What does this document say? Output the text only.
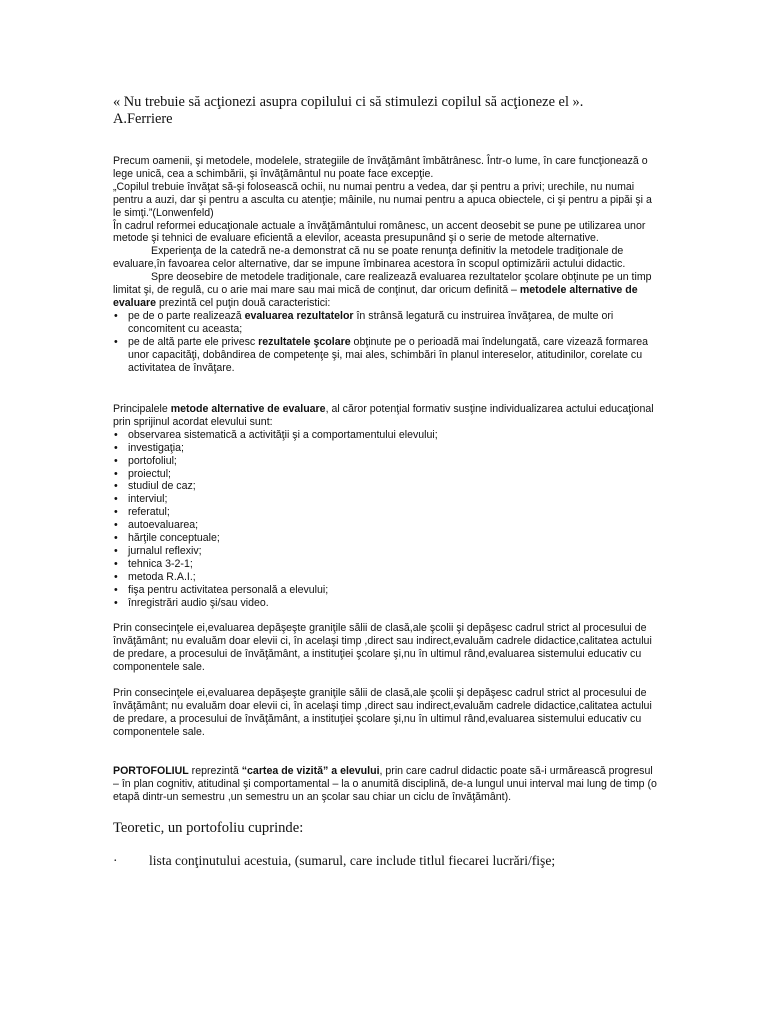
« Nu trebuie să acţionezi asupra copilului ci să stimulezi copilul să acţioneze el ».
A.Ferriere

Precum oamenii, şi metodele, modelele, strategiile de învăţământ îmbătrânesc. Într-o lume, în care funcţionează o lege unică, cea a schimbării, şi învăţământul nu poate face excepţie.

„Copilul trebuie învăţat să-şi folosească ochii, nu numai pentru a vedea, dar şi pentru a privi; urechile, nu numai pentru a auzi, dar şi pentru a asculta cu atenţie; mâinile, nu numai pentru a apuca obiectele, ci şi pentru a pipăi şi a le simţi.”(Lonwenfeld)

În cadrul reformei educaţionale actuale a învăţământului românesc, un accent deosebit se pune pe utilizarea unor metode şi tehnici de evaluare eficientă a elevilor, aceasta presupunând şi o serie de metode alternative.

Experienţa de la catedră ne-a demonstrat că nu se poate renunţa definitiv la metodele tradiţionale de evaluare,în favoarea celor alternative, dar se impune îmbinarea acestora în scopul optimizării actului didactic.

Spre deosebire de metodele tradiţionale, care realizează evaluarea rezultatelor şcolare obţinute pe un timp limitat şi, de regulă, cu o arie mai mare sau mai mică de conţinut, dar oricum definită – metodele alternative de evaluare prezintă cel puţin două caracteristici:

• pe de o parte realizează evaluarea rezultatelor în strânsă legatură cu instruirea învăţarea, de multe ori concomitent cu aceasta;
• pe de altă parte ele privesc rezultatele şcolare obţinute pe o perioadă mai îndelungată, care vizează formarea unor capacităţi, dobândirea de competenţe şi, mai ales, schimbări în planul intereselor, atitudinilor, corelate cu activitatea de învăţare.

Principalele metode alternative de evaluare, al căror potenţial formativ susţine individualizarea actului educaţional prin sprijinul acordat elevului sunt:

• observarea sistematică a activităţii şi a comportamentului elevului;
• investigaţia;
• portofoliul;
• proiectul;
• studiul de caz;
• interviul;
• referatul;
• autoevaluarea;
• hărţile conceptuale;
• jurnalul reflexiv;
• tehnica 3-2-1;
• metoda R.A.I.;
• fişa pentru activitatea personală a elevului;
• înregistrări audio şi/sau video.
Prin consecinţele ei,evaluarea depăşeşte graniţile sălii de clasă,ale şcolii şi depăşesc cadrul strict al procesului de învăţământ; nu evaluăm doar elevii ci, în acelaşi timp ,direct sau indirect,evaluăm cadrele didactice,calitatea actului de predare, a procesului de învăţământ, a instituţiei şcolare şi,nu în ultimul rând,evaluarea sistemului educativ cu componentele sale.
Prin consecinţele ei,evaluarea depăşeşte graniţile sălii de clasă,ale şcolii şi depăşesc cadrul strict al procesului de învăţământ; nu evaluăm doar elevii ci, în acelaşi timp ,direct sau indirect,evaluăm cadrele didactice,calitatea actului de predare, a procesului de învăţământ, a instituţiei şcolare şi,nu în ultimul rând,evaluarea sistemului educativ cu componentele sale.
PORTOFOLIUL reprezintă “cartea de vizită” a elevului, prin care cadrul didactic poate să-i urmărească progresul – în plan cognitiv, atitudinal şi comportamental – la o anumită disciplină, de-a lungul unui interval mai lung de timp (o etapă dintr-un semestru ,un semestru un an şcolar sau chiar un ciclu de învăţământ).
Teoretic, un portofoliu cuprinde:
· lista conţinutului acestuia, (sumarul, care include titlul fiecarei lucrări/fişe;
